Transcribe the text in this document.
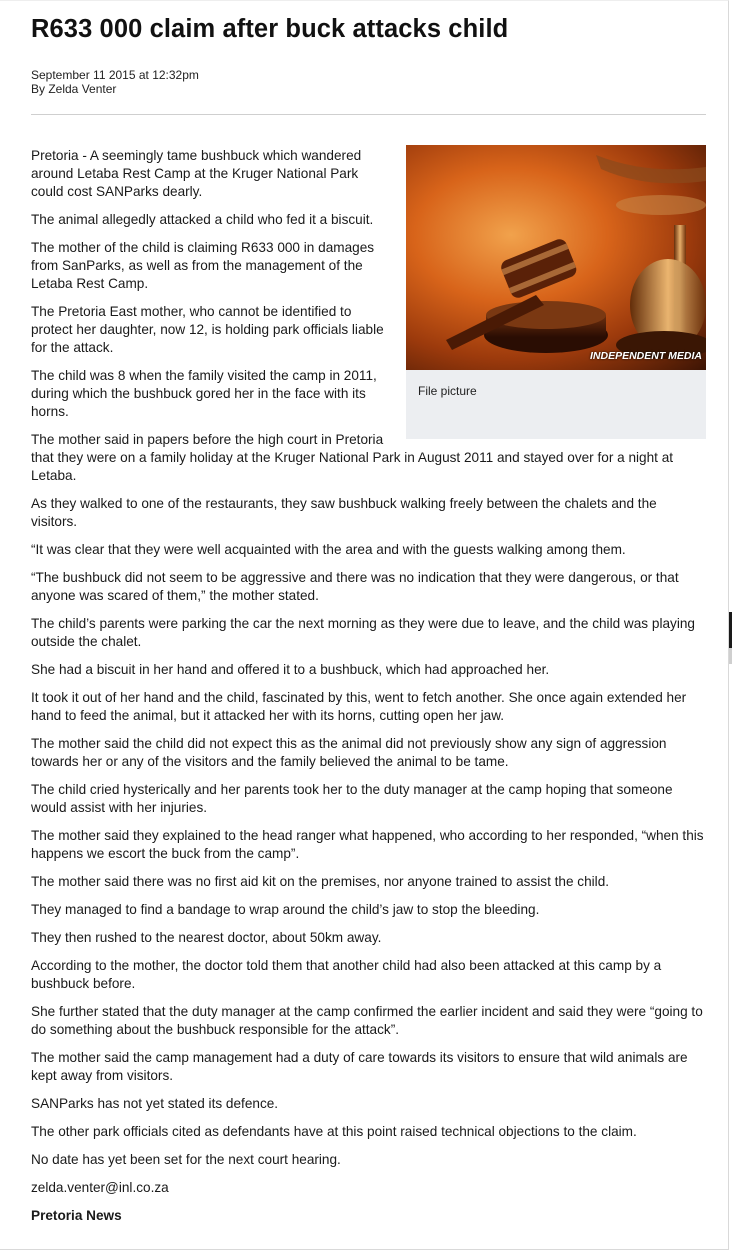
R633 000 claim after buck attacks child
September 11 2015 at 12:32pm
By Zelda Venter
INDEPENDENT MEDIA
File picture

Pretoria - A seemingly tame bushbuck which wandered around Letaba Rest Camp at the Kruger National Park could cost SANParks dearly.

The animal allegedly attacked a child who fed it a biscuit.

The mother of the child is claiming R633 000 in damages from SanParks, as well as from the management of the Letaba Rest Camp.

The Pretoria East mother, who cannot be identified to protect her daughter, now 12, is holding park officials liable for the attack.

The child was 8 when the family visited the camp in 2011, during which the bushbuck gored her in the face with its horns.

The mother said in papers before the high court in Pretoria that they were on a family holiday at the Kruger National Park in August 2011 and stayed over for a night at Letaba.

As they walked to one of the restaurants, they saw bushbuck walking freely between the chalets and the visitors.

“It was clear that they were well acquainted with the area and with the guests walking among them.

“The bushbuck did not seem to be aggressive and there was no indication that they were dangerous, or that anyone was scared of them,” the mother stated.

The child’s parents were parking the car the next morning as they were due to leave, and the child was playing outside the chalet.

She had a biscuit in her hand and offered it to a bushbuck, which had approached her.

It took it out of her hand and the child, fascinated by this, went to fetch another. She once again extended her hand to feed the animal, but it attacked her with its horns, cutting open her jaw.

The mother said the child did not expect this as the animal did not previously show any sign of aggression towards her or any of the visitors and the family believed the animal to be tame.

The child cried hysterically and her parents took her to the duty manager at the camp hoping that someone would assist with her injuries.

The mother said they explained to the head ranger what happened, who according to her responded, “when this happens we escort the buck from the camp”.

The mother said there was no first aid kit on the premises, nor anyone trained to assist the child.

They managed to find a bandage to wrap around the child’s jaw to stop the bleeding.

They then rushed to the nearest doctor, about 50km away.

According to the mother, the doctor told them that another child had also been attacked at this camp by a bushbuck before.

She further stated that the duty manager at the camp confirmed the earlier incident and said they were “going to do something about the bushbuck responsible for the attack”.

The mother said the camp management had a duty of care towards its visitors to ensure that wild animals are kept away from visitors.

SANParks has not yet stated its defence.

The other park officials cited as defendants have at this point raised technical objections to the claim.

No date has yet been set for the next court hearing.

zelda.venter@inl.co.za

Pretoria News
